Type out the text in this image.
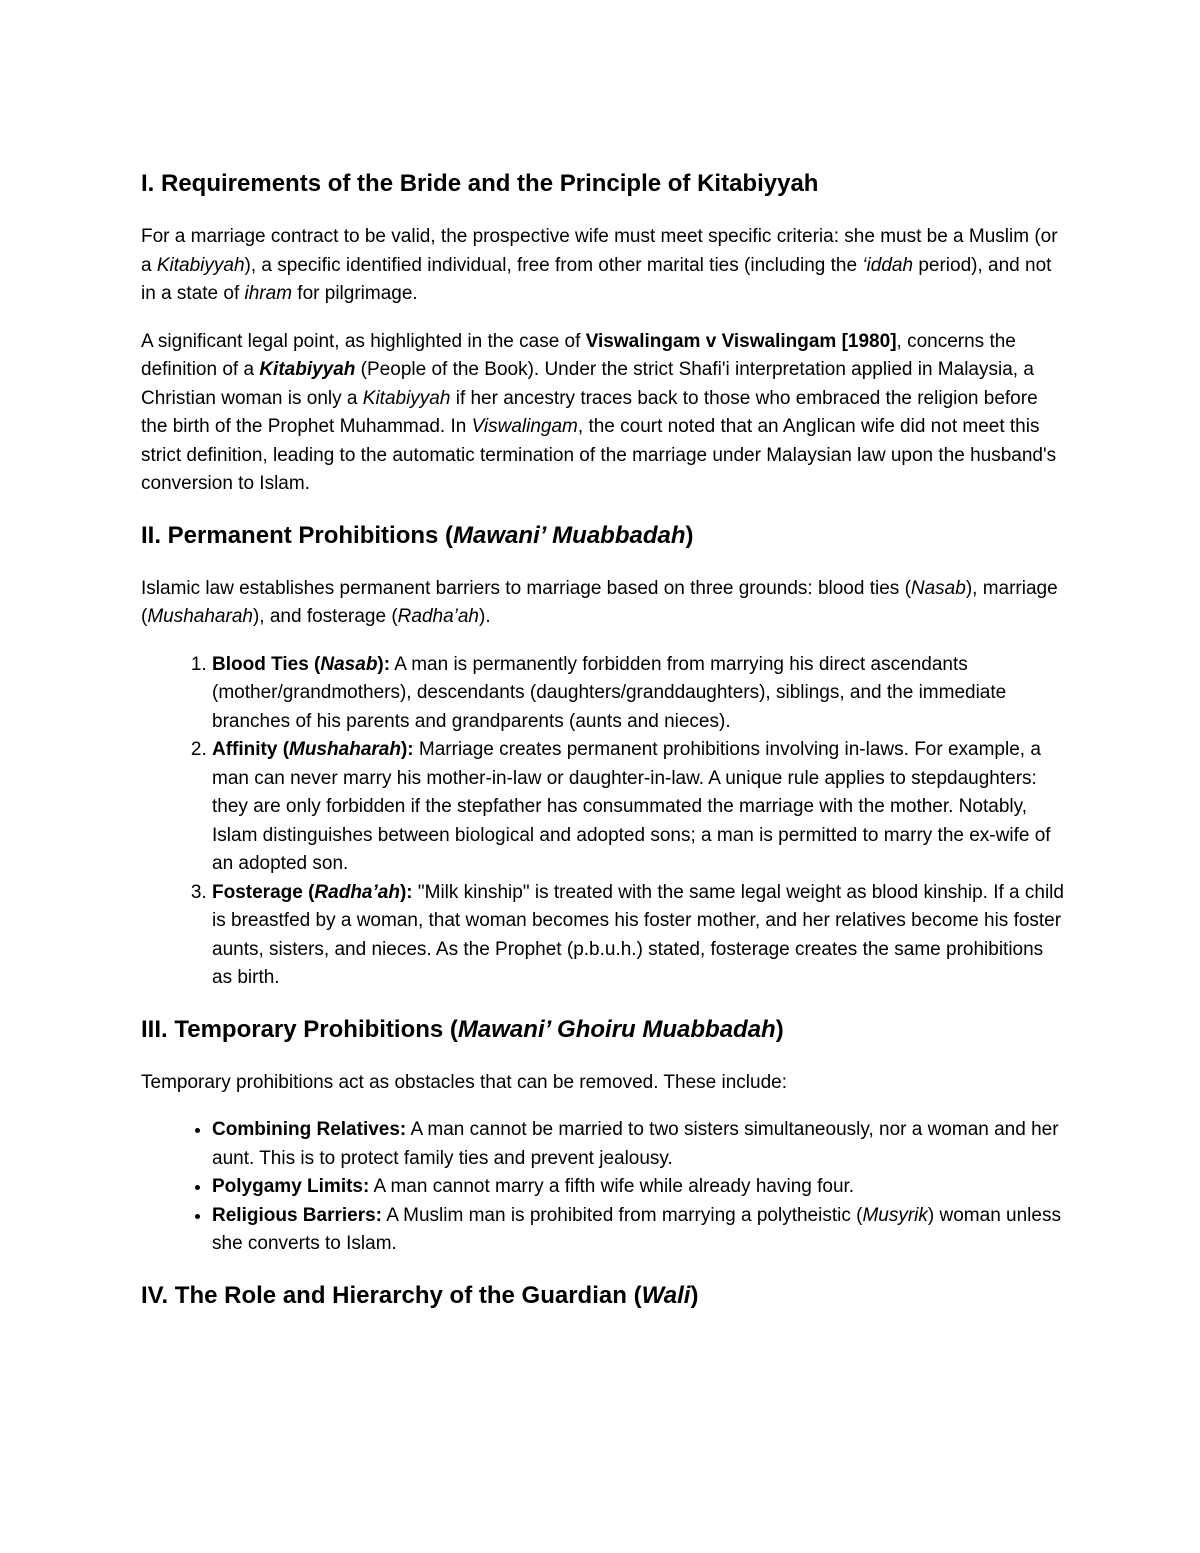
I. Requirements of the Bride and the Principle of Kitabiyyah

For a marriage contract to be valid, the prospective wife must meet specific criteria: she must be a Muslim (or a Kitabiyyah), a specific identified individual, free from other marital ties (including the ‘iddah period), and not in a state of ihram for pilgrimage.

A significant legal point, as highlighted in the case of Viswalingam v Viswalingam [1980], concerns the definition of a Kitabiyyah (People of the Book). Under the strict Shafi'i interpretation applied in Malaysia, a Christian woman is only a Kitabiyyah if her ancestry traces back to those who embraced the religion before the birth of the Prophet Muhammad. In Viswalingam, the court noted that an Anglican wife did not meet this strict definition, leading to the automatic termination of the marriage under Malaysian law upon the husband's conversion to Islam.

II. Permanent Prohibitions (Mawani’ Muabbadah)

Islamic law establishes permanent barriers to marriage based on three grounds: blood ties (Nasab), marriage (Mushaharah), and fosterage (Radha’ah).

1. Blood Ties (Nasab): A man is permanently forbidden from marrying his direct ascendants (mother/grandmothers), descendants (daughters/granddaughters), siblings, and the immediate branches of his parents and grandparents (aunts and nieces).
2. Affinity (Mushaharah): Marriage creates permanent prohibitions involving in-laws. For example, a man can never marry his mother-in-law or daughter-in-law. A unique rule applies to stepdaughters: they are only forbidden if the stepfather has consummated the marriage with the mother. Notably, Islam distinguishes between biological and adopted sons; a man is permitted to marry the ex-wife of an adopted son.
3. Fosterage (Radha’ah): "Milk kinship" is treated with the same legal weight as blood kinship. If a child is breastfed by a woman, that woman becomes his foster mother, and her relatives become his foster aunts, sisters, and nieces. As the Prophet (p.b.u.h.) stated, fosterage creates the same prohibitions as birth.
III. Temporary Prohibitions (Mawani’ Ghoiru Muabbadah)

Temporary prohibitions act as obstacles that can be removed. These include:

• Combining Relatives: A man cannot be married to two sisters simultaneously, nor a woman and her aunt. This is to protect family ties and prevent jealousy.
• Polygamy Limits: A man cannot marry a fifth wife while already having four.
• Religious Barriers: A Muslim man is prohibited from marrying a polytheistic (Musyrik) woman unless she converts to Islam.
IV. The Role and Hierarchy of the Guardian (Wali)
